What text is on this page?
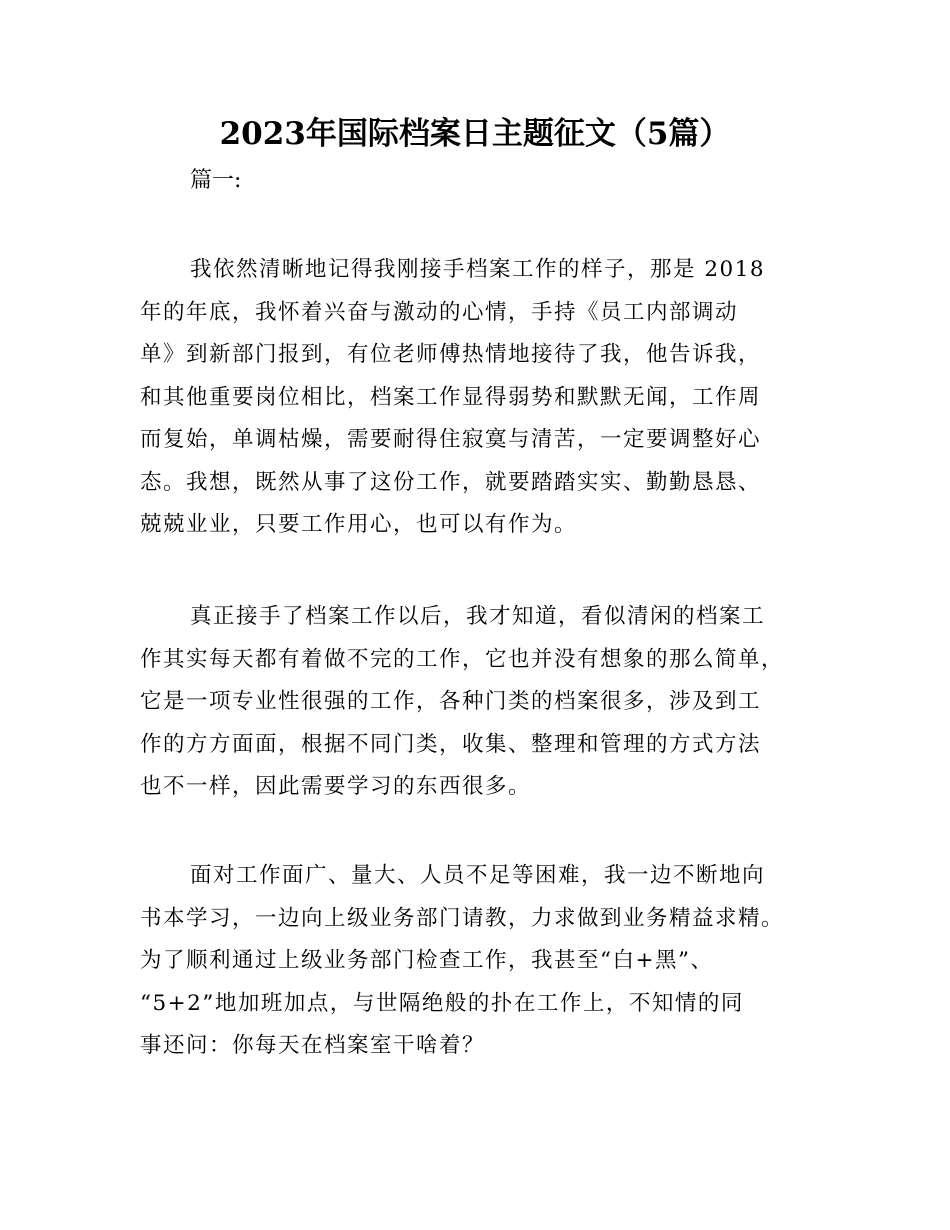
2023年国际档案日主题征文（5篇）
篇一:
我依然清晰地记得我刚接手档案工作的样子，那是 2018
年的年底，我怀着兴奋与激动的心情，手持《员工内部调动
单》到新部门报到，有位老师傅热情地接待了我，他告诉我，
和其他重要岗位相比，档案工作显得弱势和默默无闻，工作周
而复始，单调枯燥，需要耐得住寂寞与清苦，一定要调整好心
态。我想，既然从事了这份工作，就要踏踏实实、勤勤恳恳、
兢兢业业，只要工作用心，也可以有作为。
真正接手了档案工作以后，我才知道，看似清闲的档案工
作其实每天都有着做不完的工作，它也并没有想象的那么简单，
它是一项专业性很强的工作，各种门类的档案很多，涉及到工
作的方方面面，根据不同门类，收集、整理和管理的方式方法
也不一样，因此需要学习的东西很多。
面对工作面广、量大、人员不足等困难，我一边不断地向
书本学习，一边向上级业务部门请教，力求做到业务精益求精。
为了顺利通过上级业务部门检查工作，我甚至“白+黑”、
“5+2”地加班加点，与世隔绝般的扑在工作上，不知情的同
事还问：你每天在档案室干啥着？
